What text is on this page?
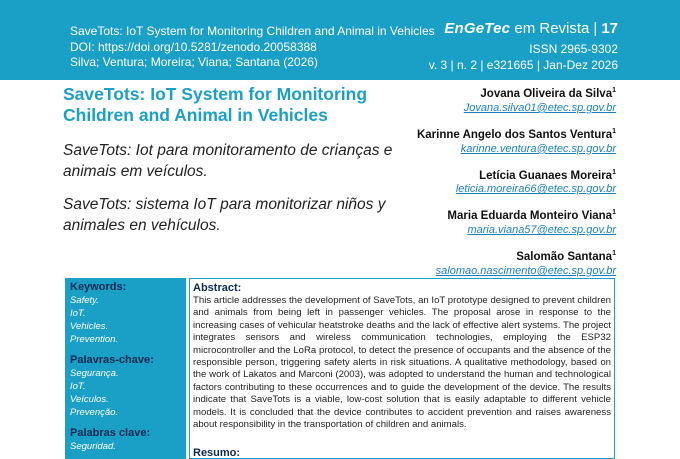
SaveTots: IoT System for Monitoring Children and Animal in Vehicles
DOI: https://doi.org/10.5281/zenodo.20058388
Silva; Ventura; Moreira; Viana; Santana (2026)
EnGeTec em Revista | 17
ISSN 2965-9302
v. 3 | n. 2 | e321665 | Jan-Dez 2026
SaveTots: IoT System for Monitoring Children and Animal in Vehicles
SaveTots: Iot para monitoramento de crianças e animais em veículos.
SaveTots: sistema IoT para monitorizar niños y animales en vehículos.
Jovana Oliveira da Silva$^1$
Jovana.silva01@etec.sp.gov.br
Karinne Angelo dos Santos Ventura$^1$
karinne.ventura@etec.sp.gov.br
Letícia Guanaes Moreira$^1$
leticia.moreira66@etec.sp.gov.br
Maria Eduarda Monteiro Viana$^1$
maria.viana57@etec.sp.gov.br
Salomão Santana$^1$
salomao.nascimento@etec.sp.gov.br
Keywords:
Safety.
IoT.
Vehicles.
Prevention.
Palavras-chave:
Segurança.
IoT.
Veículos.
Prevenção.
Palabras clave:
Seguridad.
Abstract:
This article addresses the development of SaveTots, an IoT prototype designed to prevent children and animals from being left in passenger vehicles. The proposal arose in response to the increasing cases of vehicular heatstroke deaths and the lack of effective alert systems. The project integrates sensors and wireless communication technologies, employing the ESP32 microcontroller and the LoRa protocol, to detect the presence of occupants and the absence of the responsible person, triggering safety alerts in risk situations. A qualitative methodology, based on the work of Lakatos and Marconi (2003), was adopted to understand the human and technological factors contributing to these occurrences and to guide the development of the device. The results indicate that SaveTots is a viable, low-cost solution that is easily adaptable to different vehicle models. It is concluded that the device contributes to accident prevention and raises awareness about responsibility in the transportation of children and animals.
Resumo:
